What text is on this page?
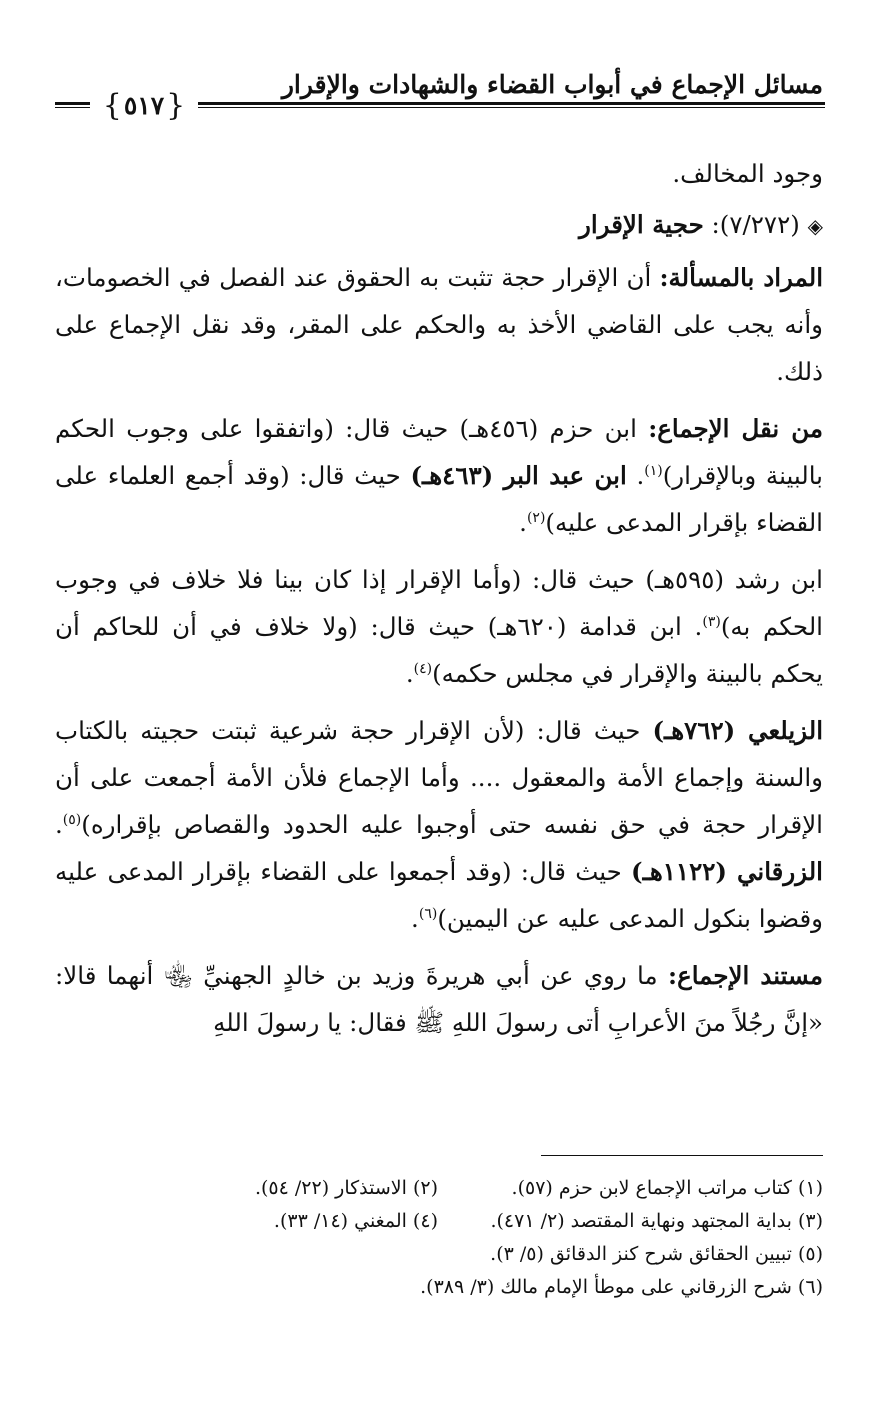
مسائل الإجماع في أبواب القضاء والشهادات والإقرار
{ ٥١٧ }

وجود المخالف.

◈ (٧/٢٧٢): حجية الإقرار

المراد بالمسألة: أن الإقرار حجة تثبت به الحقوق عند الفصل في الخصومات، وأنه يجب على القاضي الأخذ به والحكم على المقر، وقد نقل الإجماع على ذلك.

من نقل الإجماع: ابن حزم (٤٥٦هـ) حيث قال: (واتفقوا على وجوب الحكم بالبينة وبالإقرار)$^{(١)}$. ابن عبد البر (٤٦٣هـ) حيث قال: (وقد أجمع العلماء على القضاء بإقرار المدعى عليه)$^{(٢)}$.

ابن رشد (٥٩٥هـ) حيث قال: (وأما الإقرار إذا كان بينا فلا خلاف في وجوب الحكم به)$^{(٣)}$. ابن قدامة (٦٢٠هـ) حيث قال: (ولا خلاف في أن للحاكم أن يحكم بالبينة والإقرار في مجلس حكمه)$^{(٤)}$.

الزيلعي (٧٦٢هـ) حيث قال: (لأن الإقرار حجة شرعية ثبتت حجيته بالكتاب والسنة وإجماع الأمة والمعقول .... وأما الإجماع فلأن الأمة أجمعت على أن الإقرار حجة في حق نفسه حتى أوجبوا عليه الحدود والقصاص بإقراره)$^{(٥)}$. الزرقاني (١١٢٢هـ) حيث قال: (وقد أجمعوا على القضاء بإقرار المدعى عليه وقضوا بنكول المدعى عليه عن اليمين)$^{(٦)}$.

مستند الإجماع: ما روي عن أبي هريرةَ وزيد بن خالدٍ الجهنيِّ ﵄ أنهما قالا: «إنَّ رجُلاً منَ الأعرابِ أتى رسولَ اللهِ ﷺ فقال: يا رسولَ اللهِ

(١) كتاب مراتب الإجماع لابن حزم (٥٧).
(٢) الاستذكار (٢٢/ ٥٤).
(٣) بداية المجتهد ونهاية المقتصد (٢/ ٤٧١).
(٤) المغني (١٤/ ٣٣).
(٥) تبيين الحقائق شرح كنز الدقائق (٥/ ٣).
(٦) شرح الزرقاني على موطأ الإمام مالك (٣/ ٣٨٩).
